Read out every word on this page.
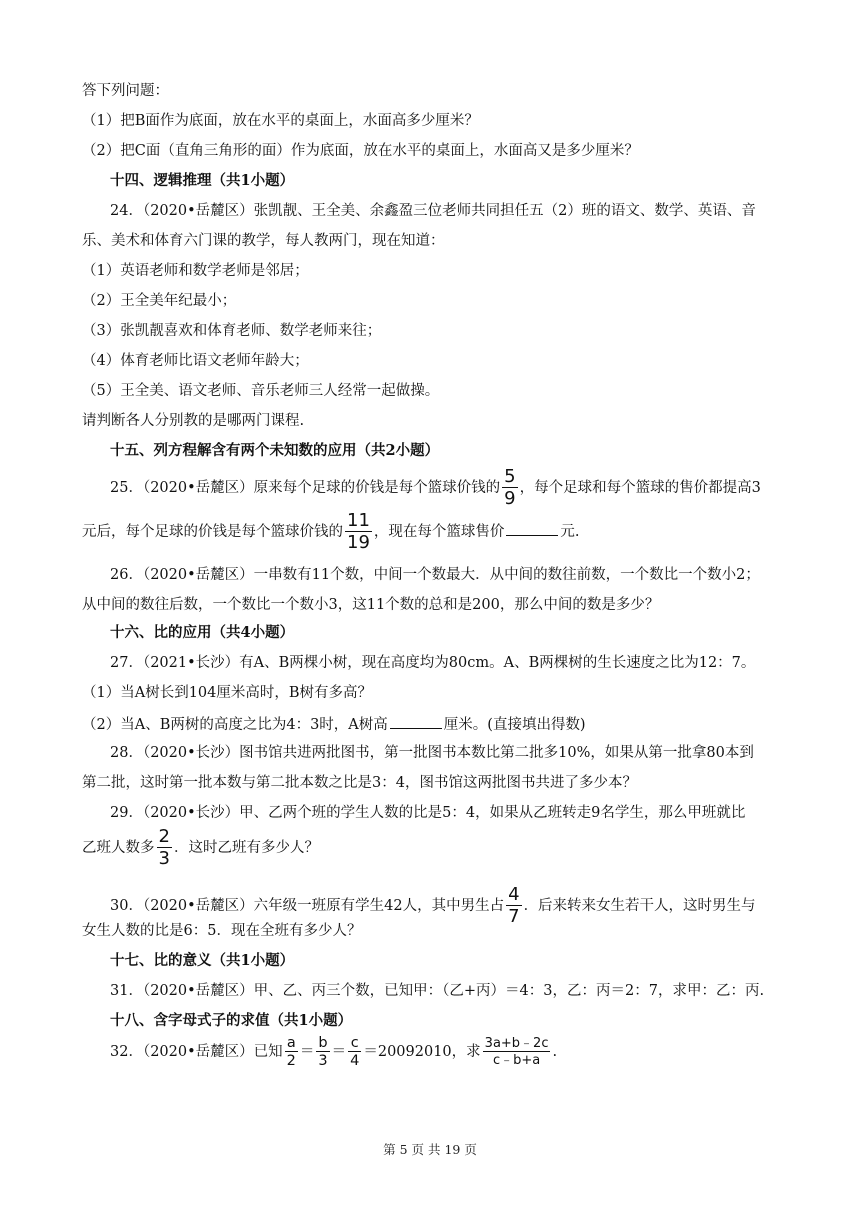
答下列问题：
（1）把B面作为底面，放在水平的桌面上，水面高多少厘米？
（2）把C面（直角三角形的面）作为底面，放在水平的桌面上，水面高又是多少厘米？
十四、逻辑推理（共1小题）
24．（2020•岳麓区）张凯靓、王全美、余鑫盈三位老师共同担任五（2）班的语文、数学、英语、音
乐、美术和体育六门课的教学，每人教两门，现在知道：
（1）英语老师和数学老师是邻居；
（2）王全美年纪最小；
（3）张凯靓喜欢和体育老师、数学老师来往；
（4）体育老师比语文老师年龄大；
（5）王全美、语文老师、音乐老师三人经常一起做操。
请判断各人分别教的是哪两门课程.
十五、列方程解含有两个未知数的应用（共2小题）
25．（2020•岳麓区）原来每个足球的价钱是每个篮球价钱的 $\frac{5}{9}$ ，每个足球和每个篮球的售价都提高3
元后，每个足球的价钱是每个篮球价钱的 $\frac{11}{19}$ ，现在每个篮球售价	元.
26．（2020•岳麓区）一串数有11个数，中间一个数最大．从中间的数往前数，一个数比一个数小2；
从中间的数往后数，一个数比一个数小3，这11个数的总和是200，那么中间的数是多少？
十六、比的应用（共4小题）
27．（2021•长沙）有A、B两棵小树，现在高度均为80cm。A、B两棵树的生长速度之比为12：7。
（1）当A树长到104厘米高时，B树有多高？
（2）当A、B两树的高度之比为4：3时，A树高	厘米。(直接填出得数)
28．（2020•长沙）图书馆共进两批图书，第一批图书本数比第二批多10%，如果从第一批拿80本到
第二批，这时第一批本数与第二批本数之比是3：4，图书馆这两批图书共进了多少本？
29．（2020•长沙）甲、乙两个班的学生人数的比是5：4，如果从乙班转走9名学生，那么甲班就比
乙班人数多 $\frac{2}{3}$ ．这时乙班有多少人？
30．（2020•岳麓区）六年级一班原有学生42人，其中男生占 $\frac{4}{7}$ ．后来转来女生若干人，这时男生与
女生人数的比是6：5．现在全班有多少人？
十七、比的意义（共1小题）
31．（2020•岳麓区）甲、乙、丙三个数，已知甲：（乙+丙）＝4：3，乙：丙＝2：7，求甲：乙：丙.
十八、含字母式子的求值（共1小题）
32．（2020•岳麓区）已知 $\frac{a}{2} = \frac{b}{3} = \frac{c}{4} =20092010$，求 $\frac{3a+b﹣2c}{c﹣b+a}$ .
第 5 页 共 19 页
